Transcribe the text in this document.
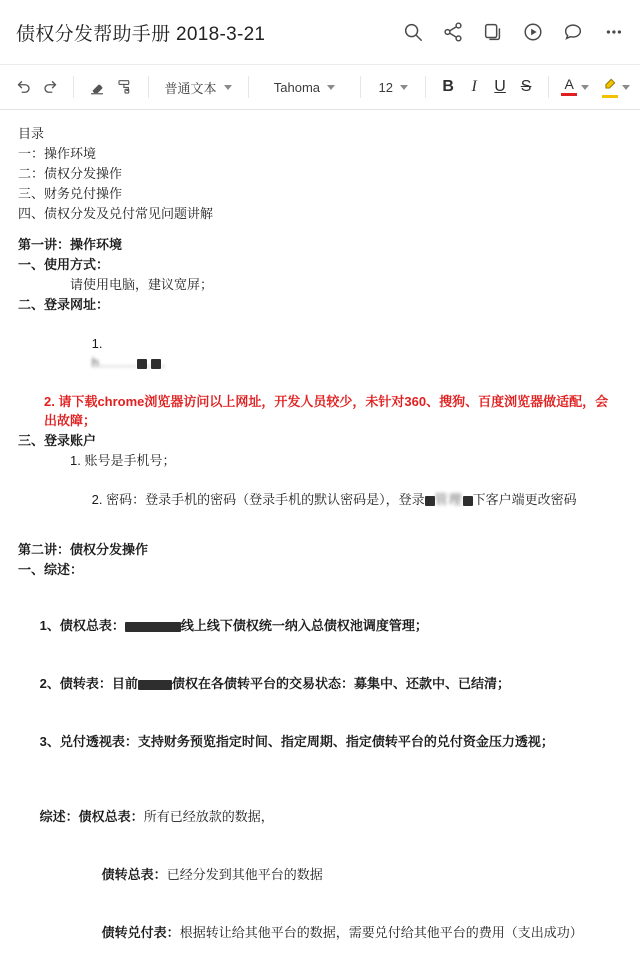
债权分发帮助手册 2018-3-21
普通文本	Tahoma	12	B	I	U S	A
目录
一：操作环境
二：债权分发操作
三、财务兑付操作
四、债权分发及兑付常见问题讲解
第一讲：操作环境
一、使用方式：
请使用电脑，建议宽屏；
二、登录网址：

1.
h........ . .

2. 请下载chrome浏览器访问以上网址，开发人员较少，未针对360、搜狗、百度浏览器做适配，会出故障；
三、登录账户
1. 账号是手机号；

2. 密码：登录手机的密码（登录手机的默认密码是），登录 管理 下客户端更改密码

第二讲：债权分发操作
一、综述：

1、债权总表：	线上线下债权统一纳入总债权池调度管理；

2、债转表：目前	债权在各债转平台的交易状态：募集中、还款中、已结清；

3、兑付透视表：支持财务预览指定时间、指定周期、指定债转平台的兑付资金压力透视；

综述：债权总表：所有已经放款的数据，

债转总表：已经分发到其他平台的数据

债转兑付表：根据转让给其他平台的数据，需要兑付给其他平台的费用（支出成功）
